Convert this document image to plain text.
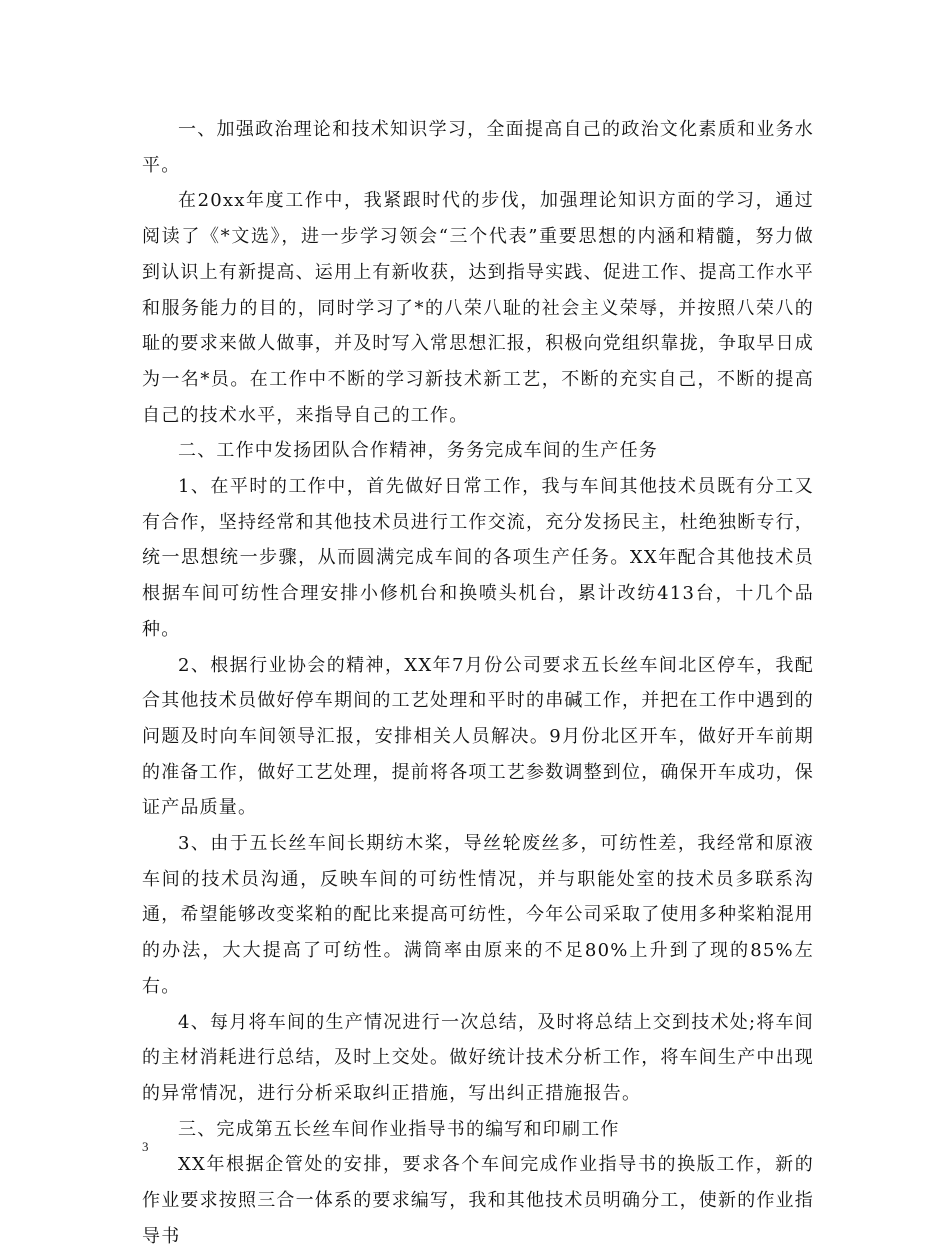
一、加强政治理论和技术知识学习，全面提高自己的政治文化素质和业务水平。

在20xx年度工作中，我紧跟时代的步伐，加强理论知识方面的学习，通过阅读了《*文选》，进一步学习领会“三个代表”重要思想的内涵和精髓，努力做到认识上有新提高、运用上有新收获，达到指导实践、促进工作、提高工作水平和服务能力的目的，同时学习了*的八荣八耻的社会主义荣辱，并按照八荣八的耻的要求来做人做事，并及时写入常思想汇报，积极向党组织靠拢，争取早日成为一名*员。在工作中不断的学习新技术新工艺，不断的充实自己，不断的提高自己的技术水平，来指导自己的工作。

二、工作中发扬团队合作精神，务务完成车间的生产任务

1、在平时的工作中，首先做好日常工作，我与车间其他技术员既有分工又有合作，坚持经常和其他技术员进行工作交流，充分发扬民主，杜绝独断专行，统一思想统一步骤，从而圆满完成车间的各项生产任务。XX年配合其他技术员根据车间可纺性合理安排小修机台和换喷头机台，累计改纺413台，十几个品种。

2、根据行业协会的精神，XX年7月份公司要求五长丝车间北区停车，我配合其他技术员做好停车期间的工艺处理和平时的串碱工作，并把在工作中遇到的问题及时向车间领导汇报，安排相关人员解决。9月份北区开车，做好开车前期的准备工作，做好工艺处理，提前将各项工艺参数调整到位，确保开车成功，保证产品质量。

3、由于五长丝车间长期纺木桨，导丝轮废丝多，可纺性差，我经常和原液车间的技术员沟通，反映车间的可纺性情况，并与职能处室的技术员多联系沟通，希望能够改变桨粕的配比来提高可纺性，今年公司采取了使用多种桨粕混用的办法，大大提高了可纺性。满筒率由原来的不足80%上升到了现的85%左右。

4、每月将车间的生产情况进行一次总结，及时将总结上交到技术处;将车间的主材消耗进行总结，及时上交处。做好统计技术分析工作，将车间生产中出现的异常情况，进行分析采取纠正措施，写出纠正措施报告。

三、完成第五长丝车间作业指导书的编写和印刷工作

XX年根据企管处的安排，要求各个车间完成作业指导书的换版工作，新的作业要求按照三合一体系的要求编写，我和其他技术员明确分工，使新的作业指导书

3
